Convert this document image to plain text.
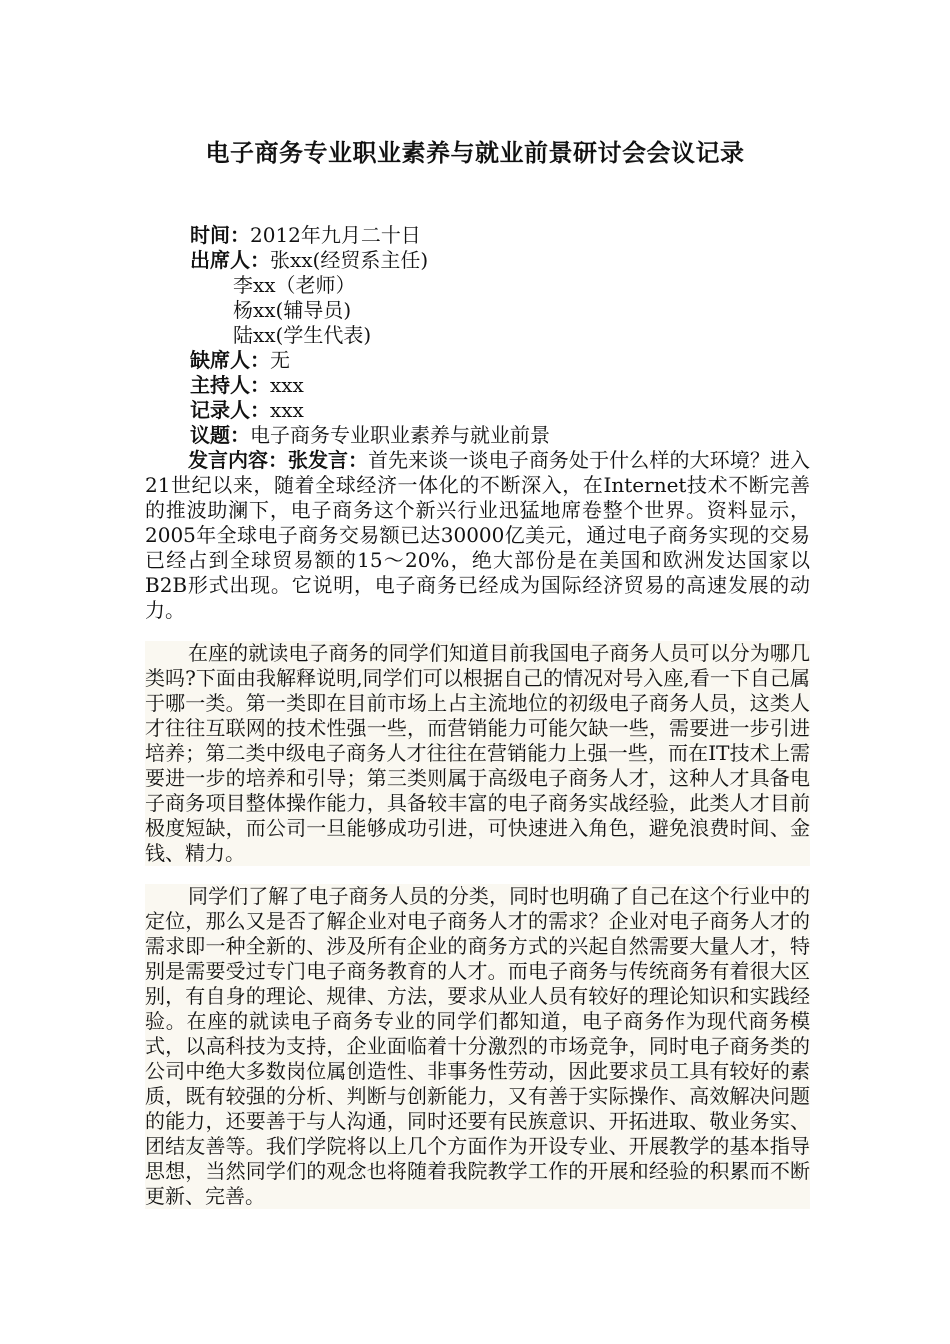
电子商务专业职业素养与就业前景研讨会会议记录
时间：2012年九月二十日
出席人：张xx(经贸系主任)
李xx（老师）
杨xx(辅导员)
陆xx(学生代表)
缺席人：无
主持人：xxx
记录人：xxx
议题：电子商务专业职业素养与就业前景

发言内容：张发言：首先来谈一谈电子商务处于什么样的大环境？进入21世纪以来，随着全球经济一体化的不断深入，在Internet技术不断完善的推波助澜下，电子商务这个新兴行业迅猛地席卷整个世界。资料显示，2005年全球电子商务交易额已达30000亿美元，通过电子商务实现的交易已经占到全球贸易额的15～20%，绝大部份是在美国和欧洲发达国家以B2B形式出现。它说明，电子商务已经成为国际经济贸易的高速发展的动力。

在座的就读电子商务的同学们知道目前我国电子商务人员可以分为哪几类吗?下面由我解释说明,同学们可以根据自己的情况对号入座,看一下自己属于哪一类。第一类即在目前市场上占主流地位的初级电子商务人员，这类人才往往互联网的技术性强一些，而营销能力可能欠缺一些，需要进一步引进培养；第二类中级电子商务人才往往在营销能力上强一些，而在IT技术上需要进一步的培养和引导；第三类则属于高级电子商务人才，这种人才具备电子商务项目整体操作能力，具备较丰富的电子商务实战经验，此类人才目前极度短缺，而公司一旦能够成功引进，可快速进入角色，避免浪费时间、金钱、精力。

同学们了解了电子商务人员的分类，同时也明确了自己在这个行业中的定位，那么又是否了解企业对电子商务人才的需求？企业对电子商务人才的需求即一种全新的、涉及所有企业的商务方式的兴起自然需要大量人才，特别是需要受过专门电子商务教育的人才。而电子商务与传统商务有着很大区别，有自身的理论、规律、方法，要求从业人员有较好的理论知识和实践经验。在座的就读电子商务专业的同学们都知道，电子商务作为现代商务模式，以高科技为支持，企业面临着十分激烈的市场竞争，同时电子商务类的公司中绝大多数岗位属创造性、非事务性劳动，因此要求员工具有较好的素质，既有较强的分析、判断与创新能力，又有善于实际操作、高效解决问题的能力，还要善于与人沟通，同时还要有民族意识、开拓进取、敬业务实、团结友善等。我们学院将以上几个方面作为开设专业、开展教学的基本指导思想，当然同学们的观念也将随着我院教学工作的开展和经验的积累而不断更新、完善。
